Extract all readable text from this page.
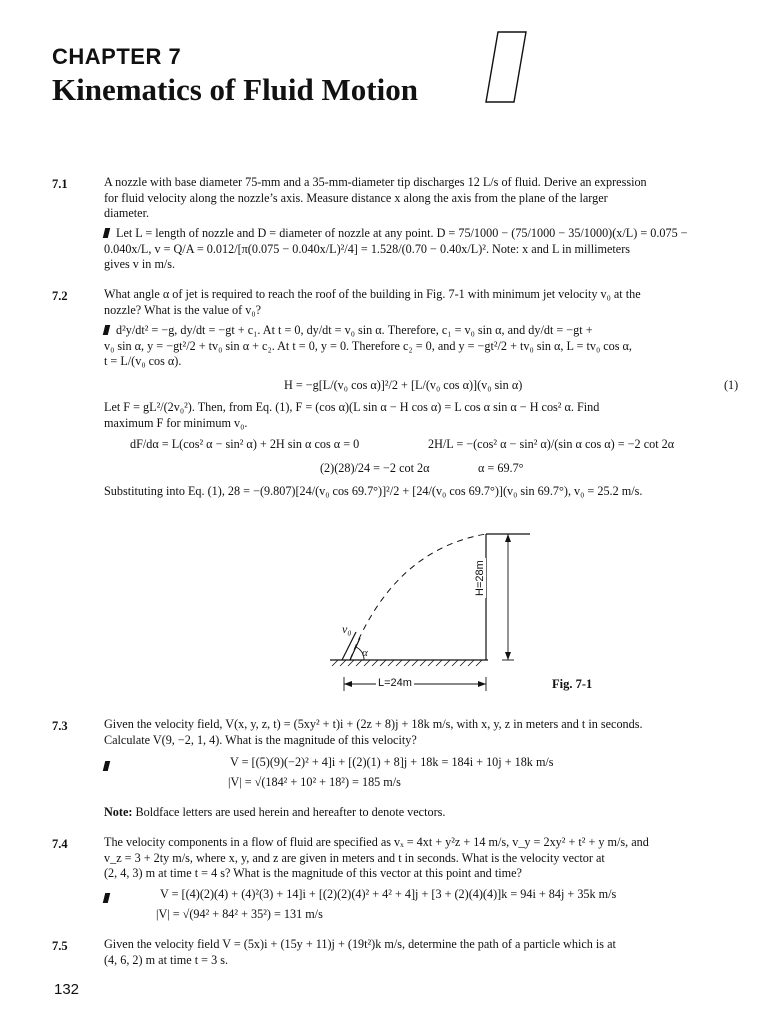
CHAPTER 7
Kinematics of Fluid Motion
7.1	A nozzle with base diameter 75-mm and a 35-mm-diameter tip discharges 12 L/s of fluid. Derive an expression
for fluid velocity along the nozzle’s axis. Measure distance x along the axis from the plane of the larger
diameter.
Let L = length of nozzle and D = diameter of nozzle at any point. D = 75/1000 − (75/1000 − 35/1000)(x/L) = 0.075 −
0.040x/L, v = Q/A = 0.012/[π(0.075 − 0.040x/L)²/4] = 1.528/(0.70 − 0.40x/L)². Note: x and L in millimeters
gives v in m/s.
7.2	What angle α of jet is required to reach the roof of the building in Fig. 7-1 with minimum jet velocity v₀ at the
nozzle? What is the value of v₀?
d²y/dt² = −g, dy/dt = −gt + c₁. At t = 0, dy/dt = v₀ sin α. Therefore, c₁ = v₀ sin α, and dy/dt = −gt +
v₀ sin α, y = −gt²/2 + tv₀ sin α + c₂. At t = 0, y = 0. Therefore c₂ = 0, and y = −gt²/2 + tv₀ sin α, L = tv₀ cos α,
t = L/(v₀ cos α).
H = −g[L/(v₀ cos α)]²/2 + [L/(v₀ cos α)](v₀ sin α)	(1)
Let F = gL²/(2v₀²). Then, from Eq. (1), F = (cos α)(L sin α − H cos α) = L cos α sin α − H cos² α. Find
maximum F for minimum v₀.
dF/dα = L(cos² α − sin² α) + 2H sin α cos α = 0	2H/L = −(cos² α − sin² α)/(sin α cos α) = −2 cot 2α
(2)(28)/24 = −2 cot 2α	α = 69.7°
Substituting into Eq. (1), 28 = −(9.807)[24/(v₀ cos 69.7°)]²/2 + [24/(v₀ cos 69.7°)](v₀ sin 69.7°), v₀ = 25.2 m/s.
L=24m
H=28m
v₀
α
Fig. 7-1
7.3	Given the velocity field, V(x, y, z, t) = (5xy² + t)i + (2z + 8)j + 18k m/s, with x, y, z in meters and t in seconds.
Calculate V(9, −2, 1, 4). What is the magnitude of this velocity?
V = [(5)(9)(−2)² + 4]i + [(2)(1) + 8]j + 18k = 184i + 10j + 18k m/s
|V| = √(184² + 10² + 18²) = 185 m/s
Note: Boldface letters are used herein and hereafter to denote vectors.
7.4	The velocity components in a flow of fluid are specified as vₓ = 4xt + y²z + 14 m/s, v_y = 2xy² + t² + y m/s, and
v_z = 3 + 2ty m/s, where x, y, and z are given in meters and t in seconds. What is the velocity vector at
(2, 4, 3) m at time t = 4 s? What is the magnitude of this vector at this point and time?
V = [(4)(2)(4) + (4)²(3) + 14]i + [(2)(2)(4)² + 4² + 4]j + [3 + (2)(4)(4)]k = 94i + 84j + 35k m/s
|V| = √(94² + 84² + 35²) = 131 m/s
7.5	Given the velocity field V = (5x)i + (15y + 11)j + (19t²)k m/s, determine the path of a particle which is at
(4, 6, 2) m at time t = 3 s.
132
